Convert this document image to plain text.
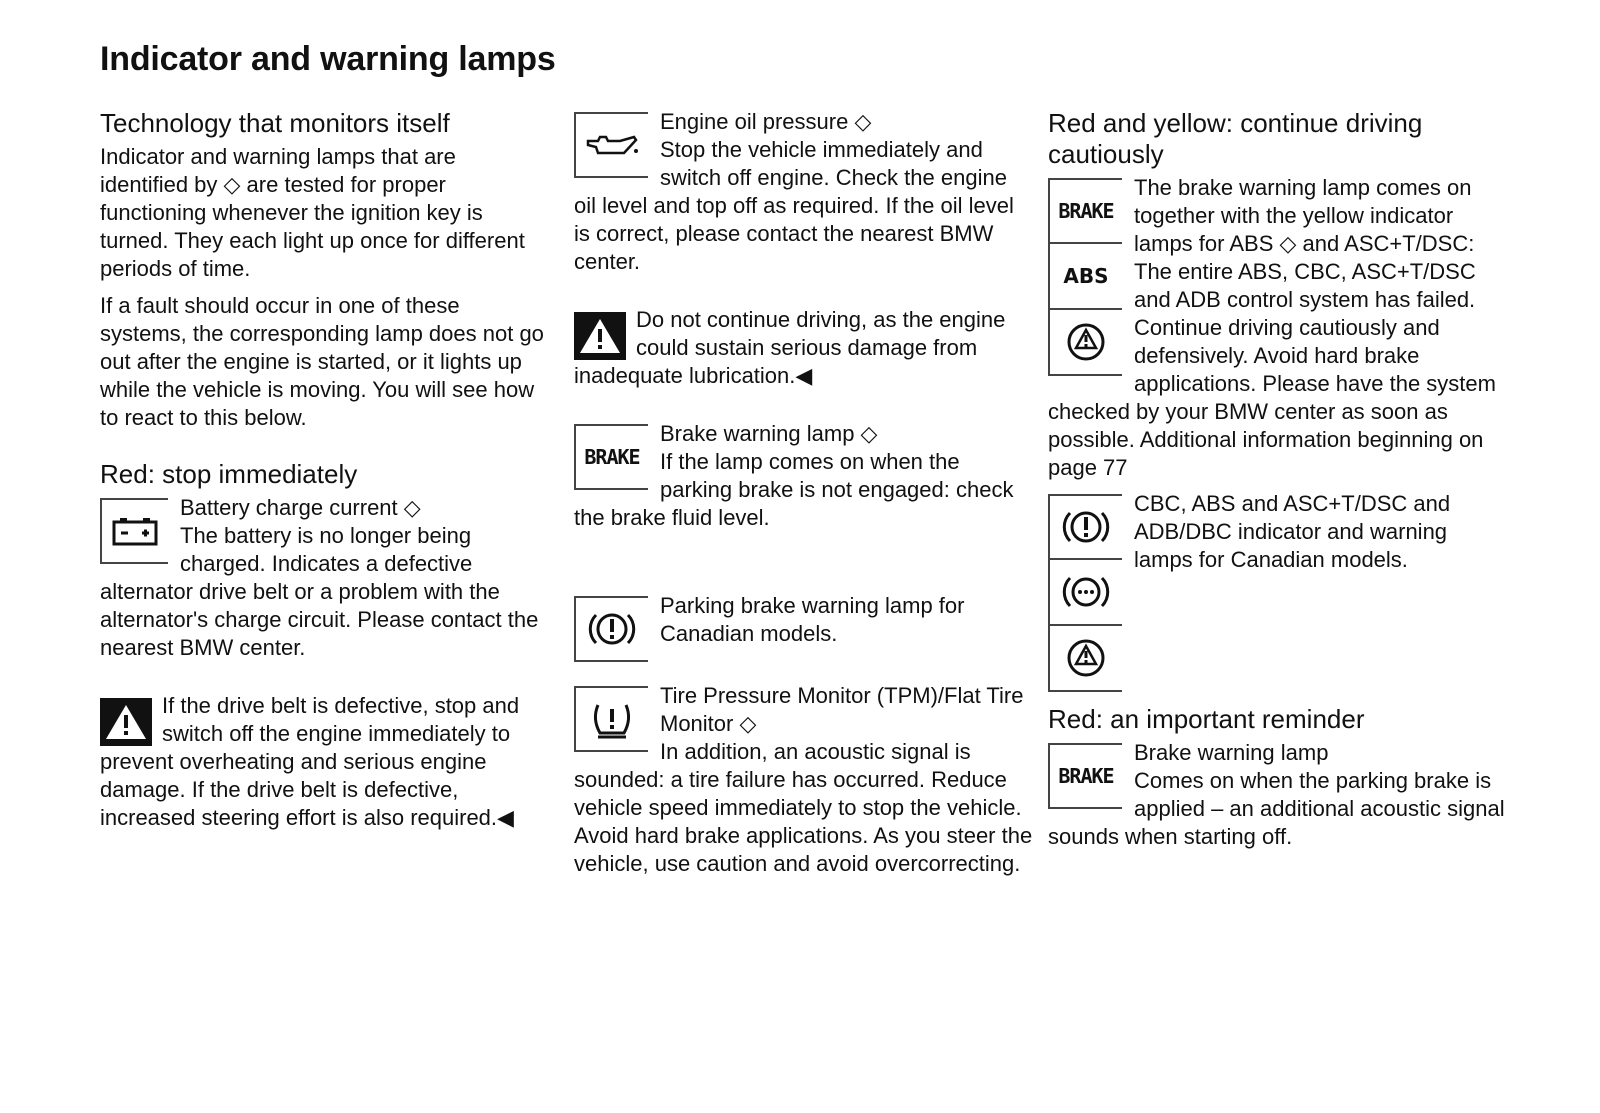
Indicator and warning lamps
Technology that monitors itself

Indicator and warning lamps that are identified by ◇ are tested for proper functioning whenever the ignition key is turned. They each light up once for different periods of time.

If a fault should occur in one of these systems, the corresponding lamp does not go out after the engine is started, or it lights up while the vehicle is moving. You will see how to react to this below.

Red: stop immediately

Battery charge current ◇

The battery is no longer being charged. Indicates a defective alternator drive belt or a problem with the alternator's charge circuit. Please contact the nearest BMW center.

If the drive belt is defective, stop and switch off the engine immediately to prevent overheating and serious engine damage. If the drive belt is defective, increased steering effort is also required.◀

Engine oil pressure ◇

Stop the vehicle immediately and switch off engine. Check the engine oil level and top off as required. If the oil level is correct, please contact the nearest BMW center.

Do not continue driving, as the engine could sustain serious damage from inadequate lubrication.◀

BRAKE

Brake warning lamp ◇

If the lamp comes on when the parking brake is not engaged: check the brake fluid level.

Parking brake warning lamp for Canadian models.

Tire Pressure Monitor (TPM)/Flat Tire Monitor ◇

In addition, an acoustic signal is sounded: a tire failure has occurred. Reduce vehicle speed immediately to stop the vehicle. Avoid hard brake applications. As you steer the vehicle, use caution and avoid overcorrecting.

Red and yellow: continue driving cautiously
BRAKE
ABS

The brake warning lamp comes on together with the yellow indicator lamps for ABS ◇ and ASC+T/DSC: The entire ABS, CBC, ASC+T/DSC and ADB control system has failed. Continue driving cautiously and defensively. Avoid hard brake applications. Please have the system checked by your BMW center as soon as possible. Additional information beginning on page 77

CBC, ABS and ASC+T/DSC and ADB/DBC indicator and warning lamps for Canadian models.

Red: an important reminder
BRAKE

Brake warning lamp

Comes on when the parking brake is applied – an additional acoustic signal sounds when starting off.
